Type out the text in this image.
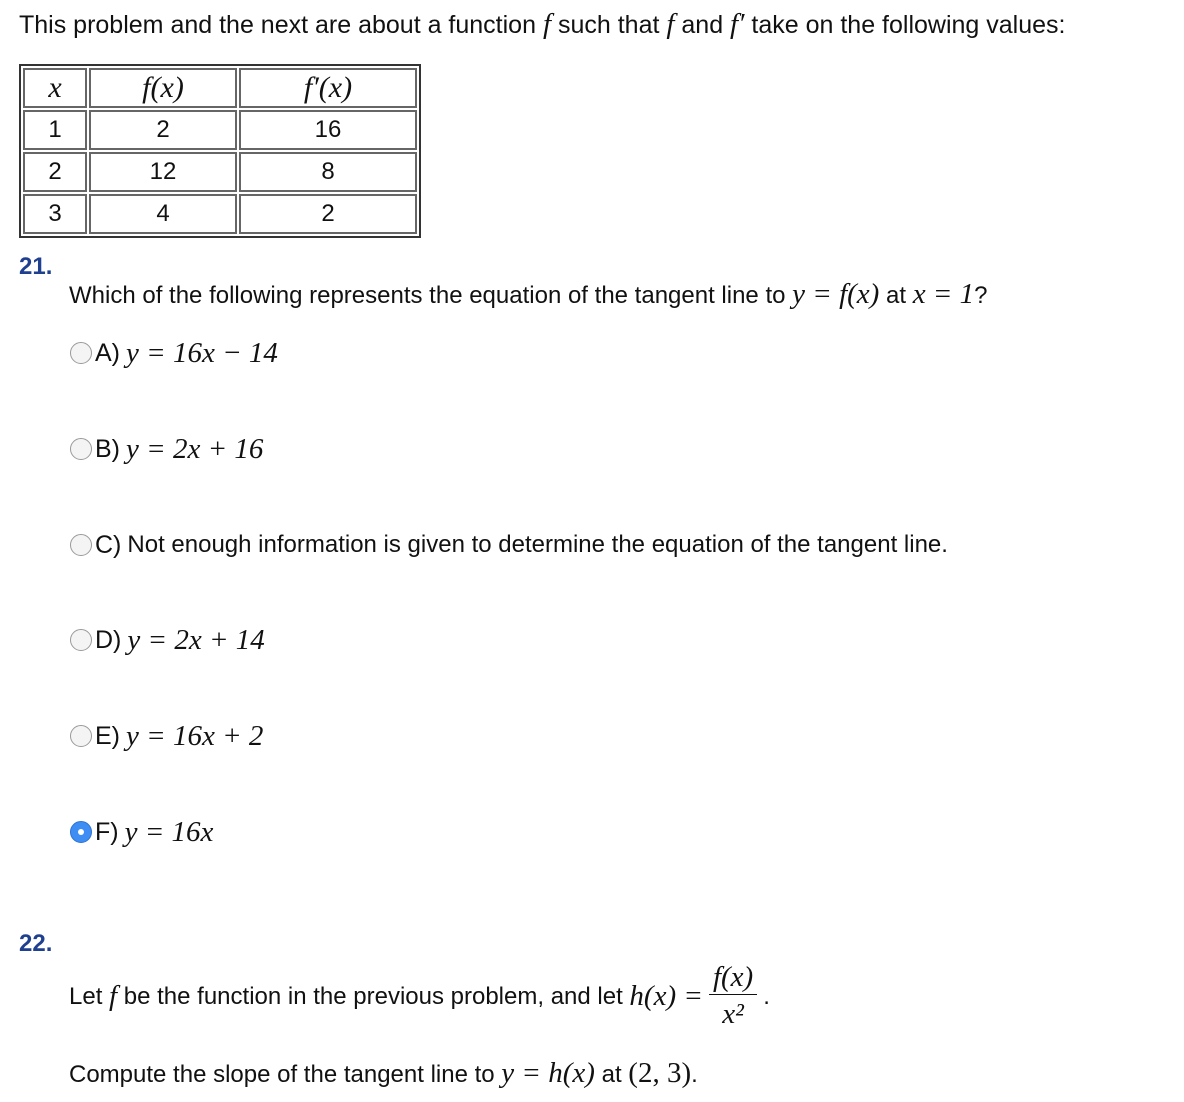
This problem and the next are about a function f such that f and f′ take on the following values:
x	f(x)	f′(x)
1	2	16
2	12	8
3	4	2
21.
Which of the following represents the equation of the tangent line to y = f(x) at x = 1?
A) y = 16x − 14
B) y = 2x + 16
C) Not enough information is given to determine the equation of the tangent line.
D) y = 2x + 14
E) y = 16x + 2
F) y = 16x
22.
Let f be the function in the previous problem, and let $h(x) = \frac{f(x)}{\text{x²}}$ .
Compute the slope of the tangent line to y = h(x) at (2, 3).
